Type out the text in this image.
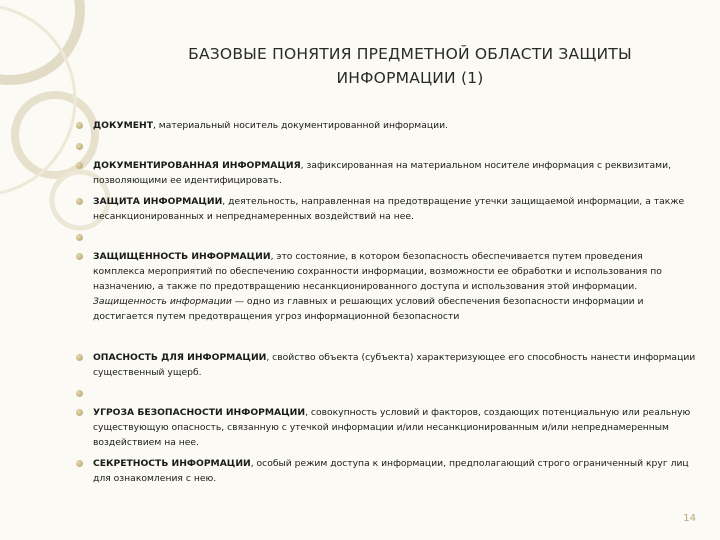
БАЗОВЫЕ ПОНЯТИЯ ПРЕДМЕТНОЙ ОБЛАСТИ ЗАЩИТЫ
ИНФОРМАЦИИ (1)
ДОКУМЕНТ, материальный носитель документированной информации.
ДОКУМЕНТИРОВАННАЯ ИНФОРМАЦИЯ, зафиксированная на материальном носителе информация с реквизитами, позволяющими ее идентифицировать.
ЗАЩИТА ИНФОРМАЦИИ, деятельность, направленная на предотвращение утечки защищаемой информации, а также несанкционированных и непреднамеренных воздействий на нее.
ЗАЩИЩЕННОСТЬ ИНФОРМАЦИИ, это состояние, в котором безопасность обеспечивается путем проведения комплекса мероприятий по обеспечению сохранности информации, возможности ее обработки и использования по назначению, а также по предотвращению несанкционированного доступа и использования этой информации. Защищенность информации — одно из главных и решающих условий обеспечения безопасности информации и достигается путем предотвращения угроз информационной безопасности
ОПАСНОСТЬ ДЛЯ ИНФОРМАЦИИ, свойство объекта (субъекта) характеризующее его способность нанести информации существенный ущерб.
УГРОЗА БЕЗОПАСНОСТИ ИНФОРМАЦИИ, совокупность условий и факторов, создающих потенциальную или реальную существующую опасность, связанную с утечкой информации и/или несанкционированным и/или непреднамеренным воздействием на нее.
СЕКРЕТНОСТЬ ИНФОРМАЦИИ, особый режим доступа к информации, предполагающий строго ограниченный круг лиц для ознакомления с нею.
14
